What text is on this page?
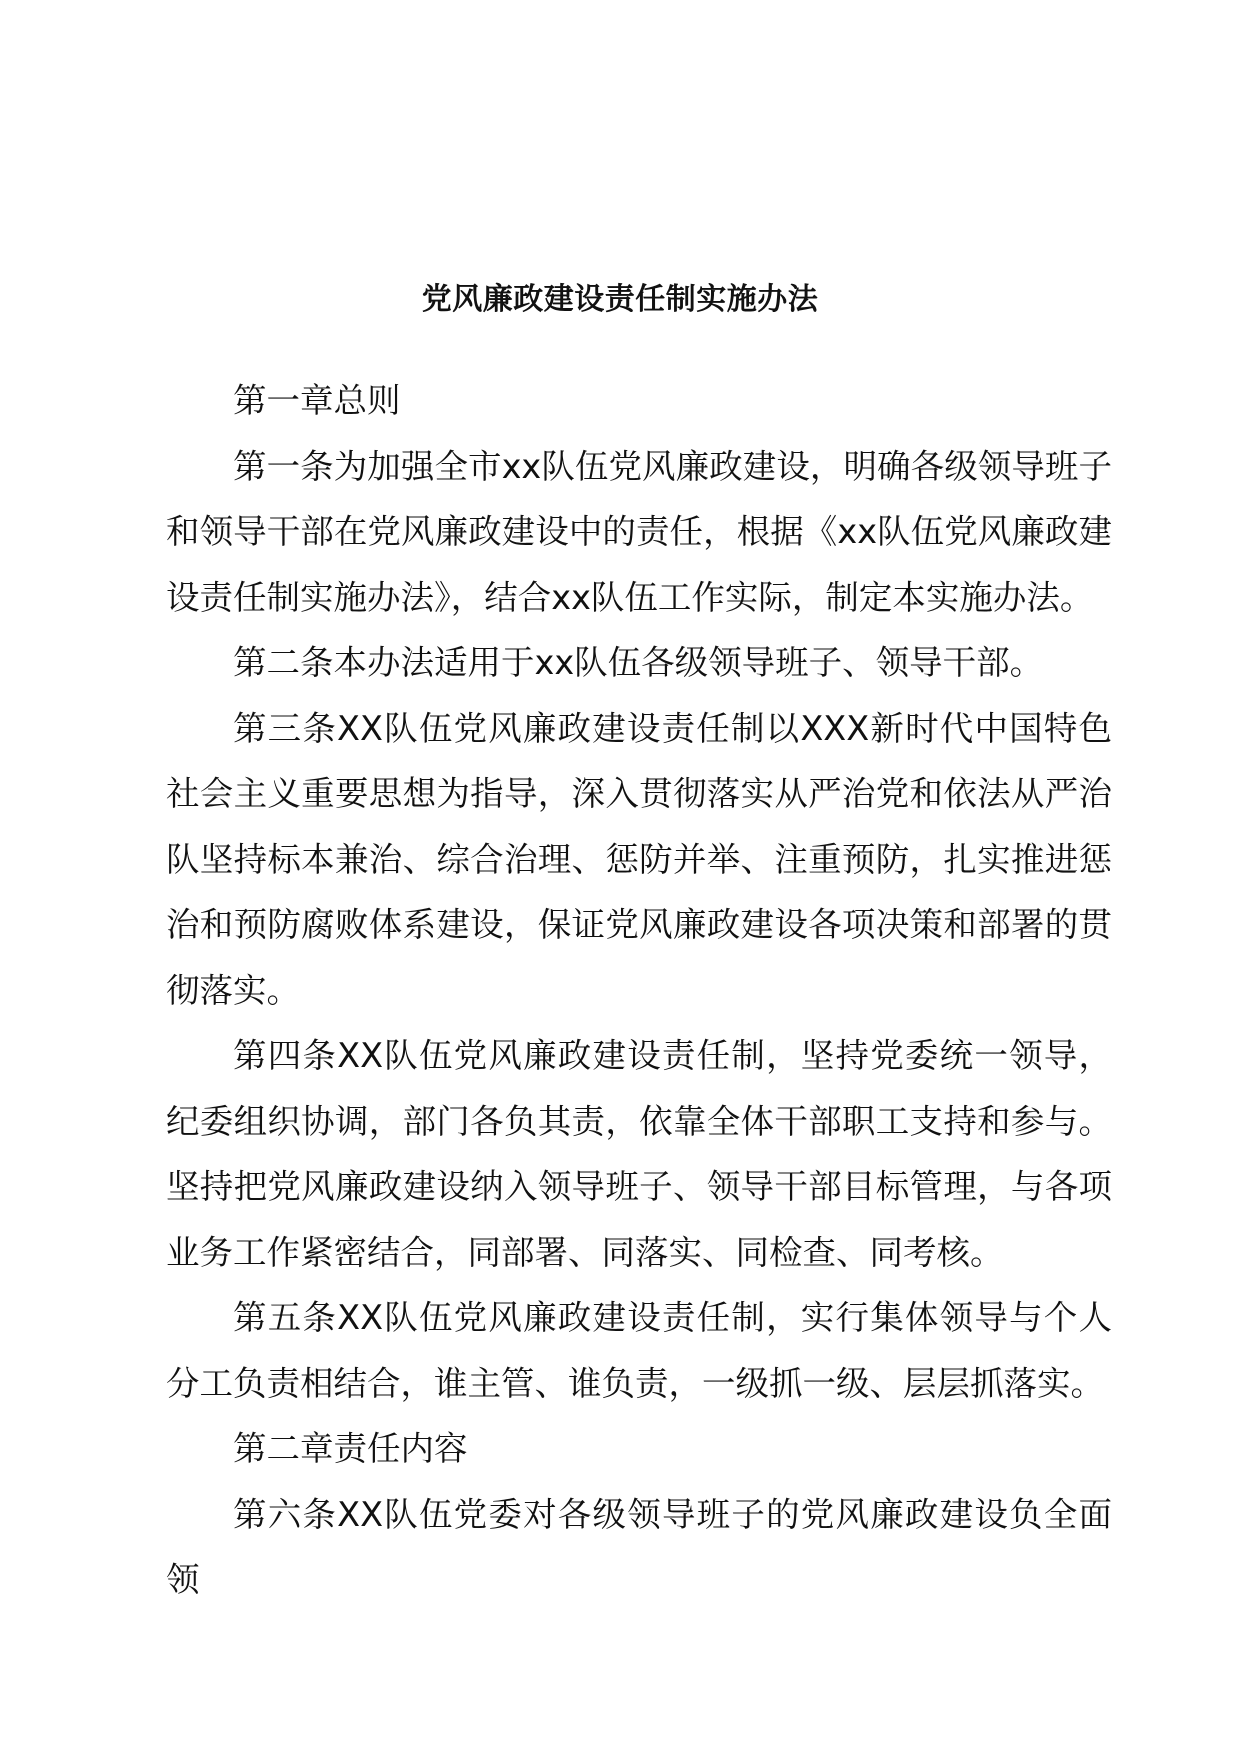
党风廉政建设责任制实施办法

第一章总则

第一条为加强全市xx队伍党风廉政建设，明确各级领导班子和领导干部在党风廉政建设中的责任，根据《xx队伍党风廉政建设责任制实施办法》，结合xx队伍工作实际，制定本实施办法。

第二条本办法适用于xx队伍各级领导班子、领导干部。

第三条XX队伍党风廉政建设责任制以XXX新时代中国特色社会主义重要思想为指导，深入贯彻落实从严治党和依法从严治队坚持标本兼治、综合治理、惩防并举、注重预防，扎实推进惩治和预防腐败体系建设，保证党风廉政建设各项决策和部署的贯彻落实。

第四条XX队伍党风廉政建设责任制，坚持党委统一领导，纪委组织协调，部门各负其责，依靠全体干部职工支持和参与。坚持把党风廉政建设纳入领导班子、领导干部目标管理，与各项业务工作紧密结合，同部署、同落实、同检查、同考核。

第五条XX队伍党风廉政建设责任制，实行集体领导与个人分工负责相结合，谁主管、谁负责，一级抓一级、层层抓落实。

第二章责任内容

第六条XX队伍党委对各级领导班子的党风廉政建设负全面领
